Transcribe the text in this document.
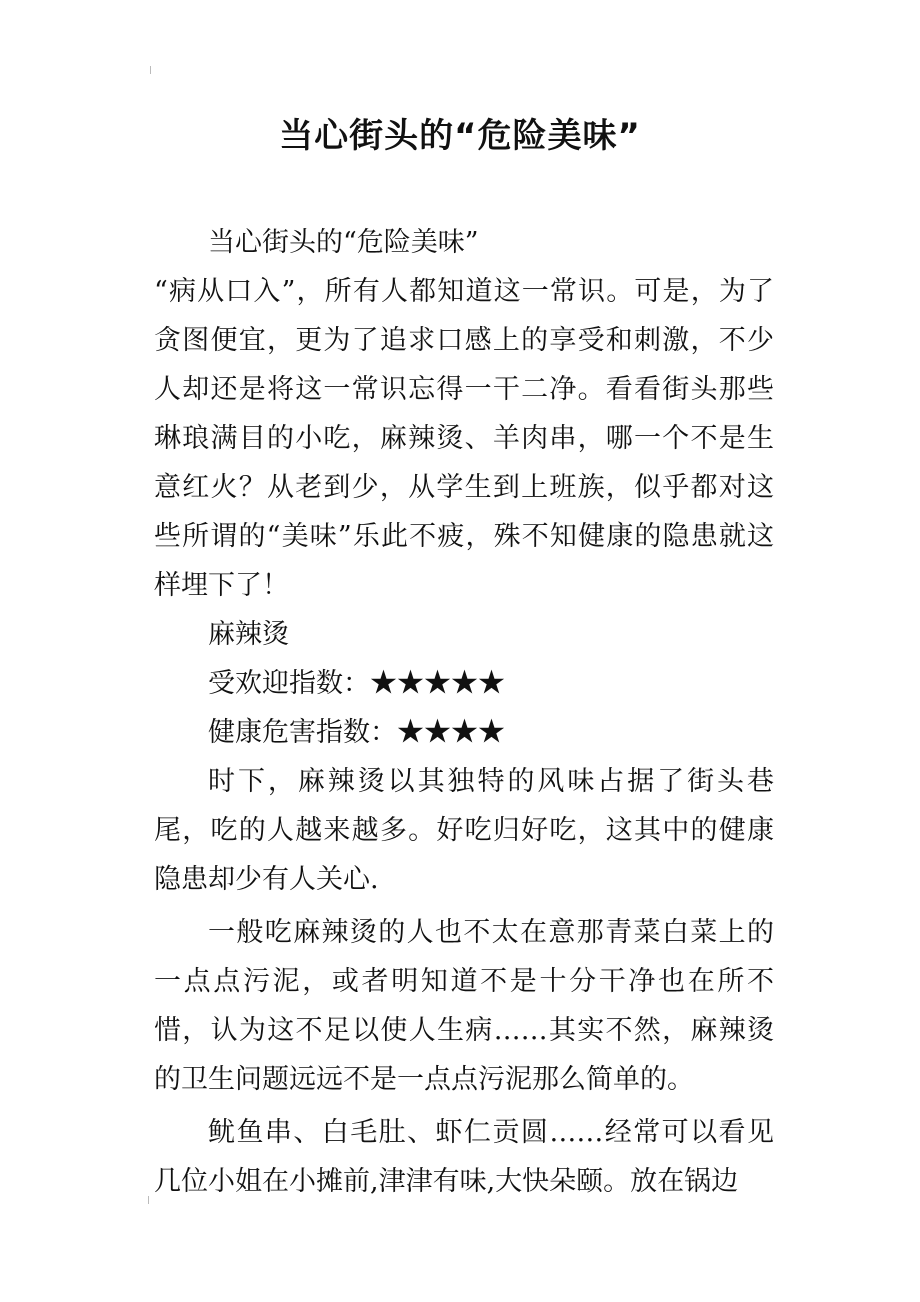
当心街头的“危险美味”

当心街头的“危险美味”

“病从口入”，所有人都知道这一常识。可是，为了贪图便宜，更为了追求口感上的享受和刺激，不少人却还是将这一常识忘得一干二净。看看街头那些琳琅满目的小吃，麻辣烫、羊肉串，哪一个不是生意红火？从老到少，从学生到上班族，似乎都对这些所谓的“美味”乐此不疲，殊不知健康的隐患就这样埋下了！

麻辣烫

受欢迎指数：★★★★★

健康危害指数：★★★★

时下，麻辣烫以其独特的风味占据了街头巷尾，吃的人越来越多。好吃归好吃，这其中的健康隐患却少有人关心.

一般吃麻辣烫的人也不太在意那青菜白菜上的一点点污泥，或者明知道不是十分干净也在所不惜，认为这不足以使人生病……其实不然，麻辣烫的卫生问题远远不是一点点污泥那么简单的。

鱿鱼串、白毛肚、虾仁贡圆……经常可以看见几位小姐在小摊前,津津有味,大快朵颐。放在锅边
